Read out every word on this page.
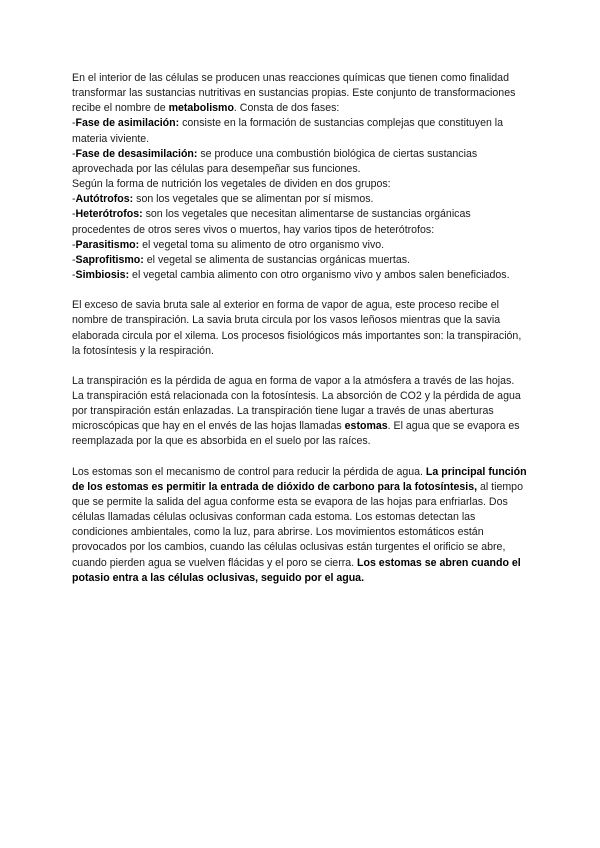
En el interior de las células se producen unas reacciones químicas que tienen como finalidad transformar las sustancias nutritivas en sustancias propias. Este conjunto de transformaciones recibe el nombre de metabolismo. Consta de dos fases:

-Fase de asimilación: consiste en la formación de sustancias complejas que constituyen la materia viviente.

-Fase de desasimilación: se produce una combustión biológica de ciertas sustancias aprovechada por las células para desempeñar sus funciones.

Según la forma de nutrición los vegetales de dividen en dos grupos:

-Autótrofos: son los vegetales que se alimentan por sí mismos.

-Heterótrofos: son los vegetales que necesitan alimentarse de sustancias orgánicas procedentes de otros seres vivos o muertos, hay varios tipos de heterótrofos:

-Parasitismo: el vegetal toma su alimento de otro organismo vivo.

-Saprofitismo: el vegetal se alimenta de sustancias orgánicas muertas.

-Simbiosis: el vegetal cambia alimento con otro organismo vivo y ambos salen beneficiados.

El exceso de savia bruta sale al exterior en forma de vapor de agua, este proceso recibe el nombre de transpiración. La savia bruta circula por los vasos leñosos mientras que la savia elaborada circula por el xilema. Los procesos fisiológicos más importantes son: la transpiración, la fotosíntesis y la respiración.

La transpiración es la pérdida de agua en forma de vapor a la atmósfera a través de las hojas. La transpiración está relacionada con la fotosíntesis. La absorción de CO2 y la pérdida de agua por transpiración están enlazadas. La transpiración tiene lugar a través de unas aberturas microscópicas que hay en el envés de las hojas llamadas estomas. El agua que se evapora es reemplazada por la que es absorbida en el suelo por las raíces.

Los estomas son el mecanismo de control para reducir la pérdida de agua. La principal función de los estomas es permitir la entrada de dióxido de carbono para la fotosíntesis, al tiempo que se permite la salida del agua conforme esta se evapora de las hojas para enfriarlas. Dos células llamadas células oclusivas conforman cada estoma. Los estomas detectan las condiciones ambientales, como la luz, para abrirse. Los movimientos estomáticos están provocados por los cambios, cuando las células oclusivas están turgentes el orificio se abre, cuando pierden agua se vuelven flácidas y el poro se cierra. Los estomas se abren cuando el potasio entra a las células oclusivas, seguido por el agua.
